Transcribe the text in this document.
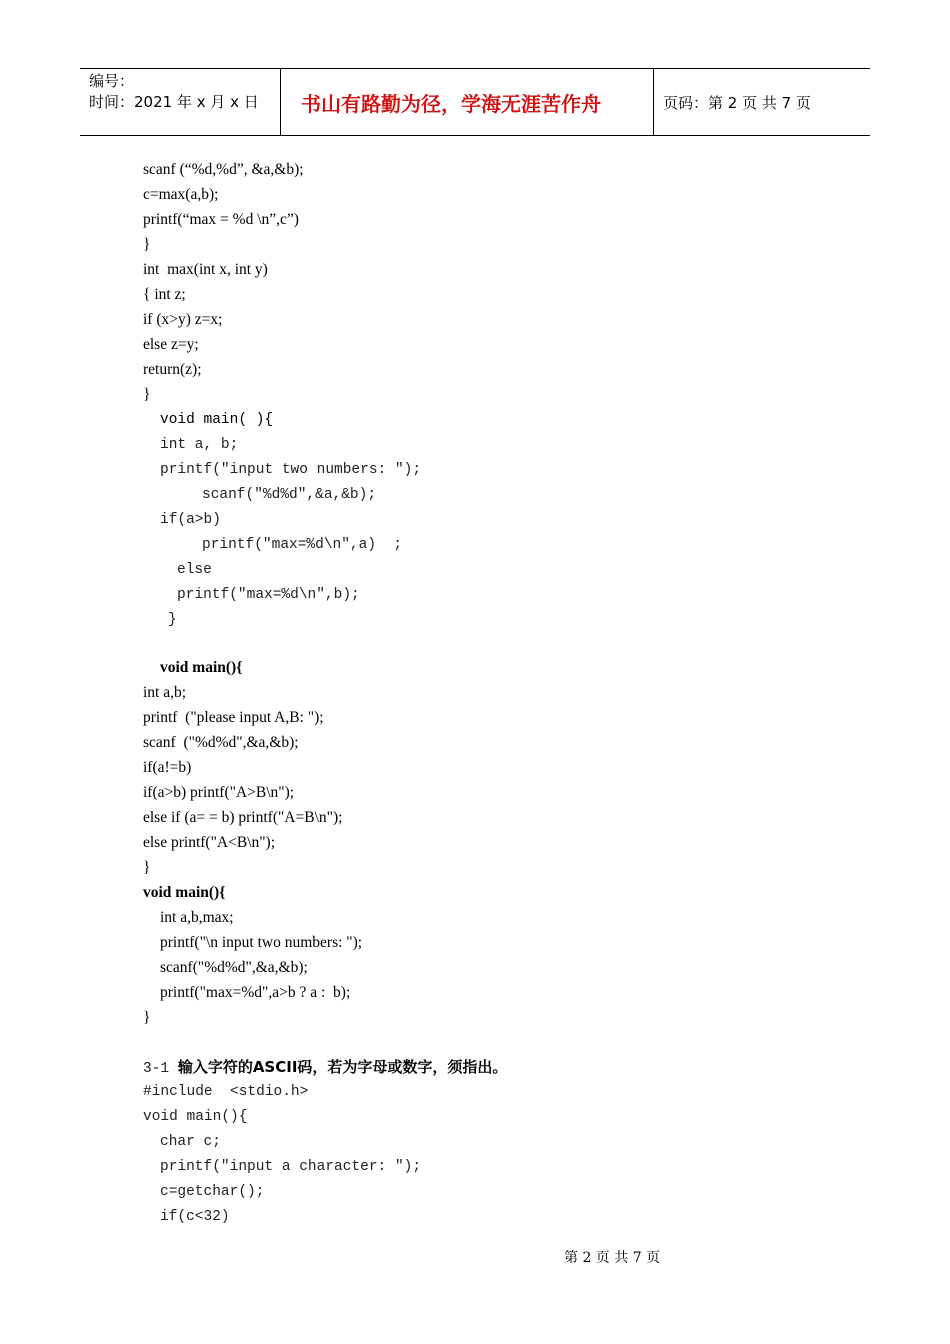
编号：
时间：2021 年 x 月 x 日	书山有路勤为径，学海无涯苦作舟	页码：第 2 页 共 7 页
scanf (“%d,%d”, &a,&b);
c=max(a,b);
printf(“max = %d \n”,c”)
}
int  max(int x, int y)
{ int z;
if (x>y) z=x;
else z=y;
return(z);
}
void main( ){
int a, b;
printf("input two numbers: ");
scanf("%d%d",&a,&b);
if(a>b)
printf("max=%d\n",a)  ;
else
printf("max=%d\n",b);
}
void main(){
int a,b;
printf  ("please input A,B: ");
scanf  ("%d%d",&a,&b);
if(a!=b)
if(a>b) printf("A>B\n");
else if (a= = b) printf("A=B\n");
else printf("A<B\n");
}
void main(){
int a,b,max;
printf("\n input two numbers: ");
scanf("%d%d",&a,&b);
printf("max=%d",a>b ? a :  b);
}
3-1 输入字符的ASCII码，若为字母或数字，须指出。
#include  <stdio.h>
void main(){
char c;
printf("input a character: ");
c=getchar();
if(c<32)
第 2 页 共 7 页
